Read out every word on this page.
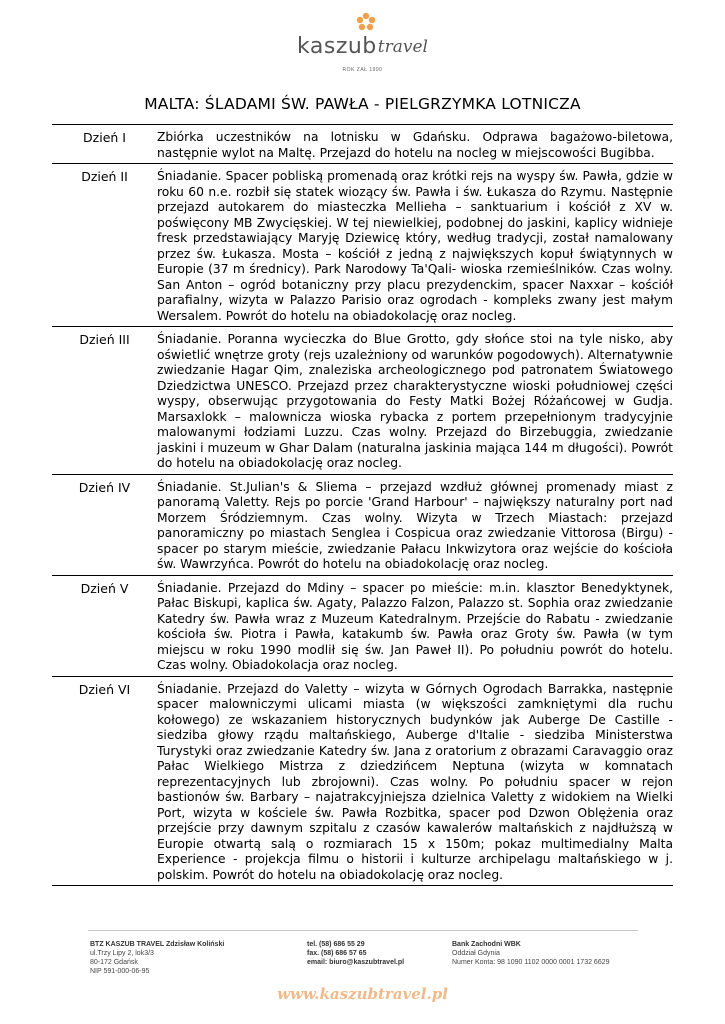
kaszub travel
ROK ZAŁ 1990
MALTA: ŚLADAMI ŚW. PAWŁA - PIELGRZYMKA LOTNICZA
Dzień I	Zbiórka uczestników na lotnisku w Gdańsku. Odprawa bagażowo-biletowa, następnie wylot na Maltę. Przejazd do hotelu na nocleg w miejscowości Bugibba.
Dzień II	Śniadanie. Spacer pobliską promenadą oraz krótki rejs na wyspy św. Pawła, gdzie w roku 60 n.e. rozbił się statek wiozący św. Pawła i św. Łukasza do Rzymu. Następnie przejazd autokarem do miasteczka Mellieha – sanktuarium i kościół z XV w. poświęcony MB Zwycięskiej. W tej niewielkiej, podobnej do jaskini, kaplicy widnieje fresk przedstawiający Maryję Dziewicę który, według tradycji, został namalowany przez św. Łukasza. Mosta – kościół z jedną z największych kopuł świątynnych w Europie (37 m średnicy). Park Narodowy Ta'Qali- wioska rzemieślników. Czas wolny. San Anton – ogród botaniczny przy placu prezydenckim, spacer Naxxar – kościół parafialny, wizyta w Palazzo Parisio oraz ogrodach - kompleks zwany jest małym Wersalem. Powrót do hotelu na obiadokolację oraz nocleg.
Dzień III	Śniadanie. Poranna wycieczka do Blue Grotto, gdy słońce stoi na tyle nisko, aby oświetlić wnętrze groty (rejs uzależniony od warunków pogodowych). Alternatywnie zwiedzanie Hagar Qim, znaleziska archeologicznego pod patronatem Światowego Dziedzictwa UNESCO. Przejazd przez charakterystyczne wioski południowej części wyspy, obserwując przygotowania do Festy Matki Bożej Różańcowej w Gudja. Marsaxlokk – malownicza wioska rybacka z portem przepełnionym tradycyjnie malowanymi łodziami Luzzu. Czas wolny. Przejazd do Birzebuggia, zwiedzanie jaskini i muzeum w Ghar Dalam (naturalna jaskinia mająca 144 m długości). Powrót do hotelu na obiadokolację oraz nocleg.
Dzień IV	Śniadanie. St.Julian's & Sliema – przejazd wzdłuż głównej promenady miast z panoramą Valetty. Rejs po porcie 'Grand Harbour' – największy naturalny port nad Morzem Śródziemnym. Czas wolny. Wizyta w Trzech Miastach: przejazd panoramiczny po miastach Senglea i Cospicua oraz zwiedzanie Vittorosa (Birgu) - spacer po starym mieście, zwiedzanie Pałacu Inkwizytora oraz wejście do kościoła św. Wawrzyńca. Powrót do hotelu na obiadokolację oraz nocleg.
Dzień V	Śniadanie. Przejazd do Mdiny – spacer po mieście: m.in. klasztor Benedyktynek, Pałac Biskupi, kaplica św. Agaty, Palazzo Falzon, Palazzo st. Sophia oraz zwiedzanie Katedry św. Pawła wraz z Muzeum Katedralnym. Przejście do Rabatu - zwiedzanie kościoła św. Piotra i Pawła, katakumb św. Pawła oraz Groty św. Pawła (w tym miejscu w roku 1990 modlił się św. Jan Paweł II). Po południu powrót do hotelu. Czas wolny. Obiadokolacja oraz nocleg.
Dzień VI	Śniadanie. Przejazd do Valetty – wizyta w Górnych Ogrodach Barrakka, następnie spacer malowniczymi ulicami miasta (w większości zamkniętymi dla ruchu kołowego) ze wskazaniem historycznych budynków jak Auberge De Castille - siedziba głowy rządu maltańskiego, Auberge d'Italie - siedziba Ministerstwa Turystyki oraz zwiedzanie Katedry św. Jana z oratorium z obrazami Caravaggio oraz Pałac Wielkiego Mistrza z dziedzińcem Neptuna (wizyta w komnatach reprezentacyjnych lub zbrojowni). Czas wolny. Po południu spacer w rejon bastionów św. Barbary – najatrakcyjniejsza dzielnica Valetty z widokiem na Wielki Port, wizyta w kościele św. Pawła Rozbitka, spacer pod Dzwon Oblężenia oraz przejście przy dawnym szpitalu z czasów kawalerów maltańskich z najdłuższą w Europie otwartą salą o rozmiarach 15 x 150m; pokaz multimedialny Malta Experience - projekcja filmu o historii i kulturze archipelagu maltańskiego w j. polskim. Powrót do hotelu na obiadokolację oraz nocleg.
BTZ KASZUB TRAVEL Zdzisław Koliński
ul.Trzy Lipy 2, lok3/3
80-172 Gdańsk
NIP 591-000-06-95
tel. (58) 686 55 29
fax. (58) 686 57 65
email: biuro@kaszubtravel.pl
Bank Zachodni WBK
Oddział Gdynia
Numer Konta: 98 1090 1102 0000 0001 1732 6629
www.kaszubtravel.pl
